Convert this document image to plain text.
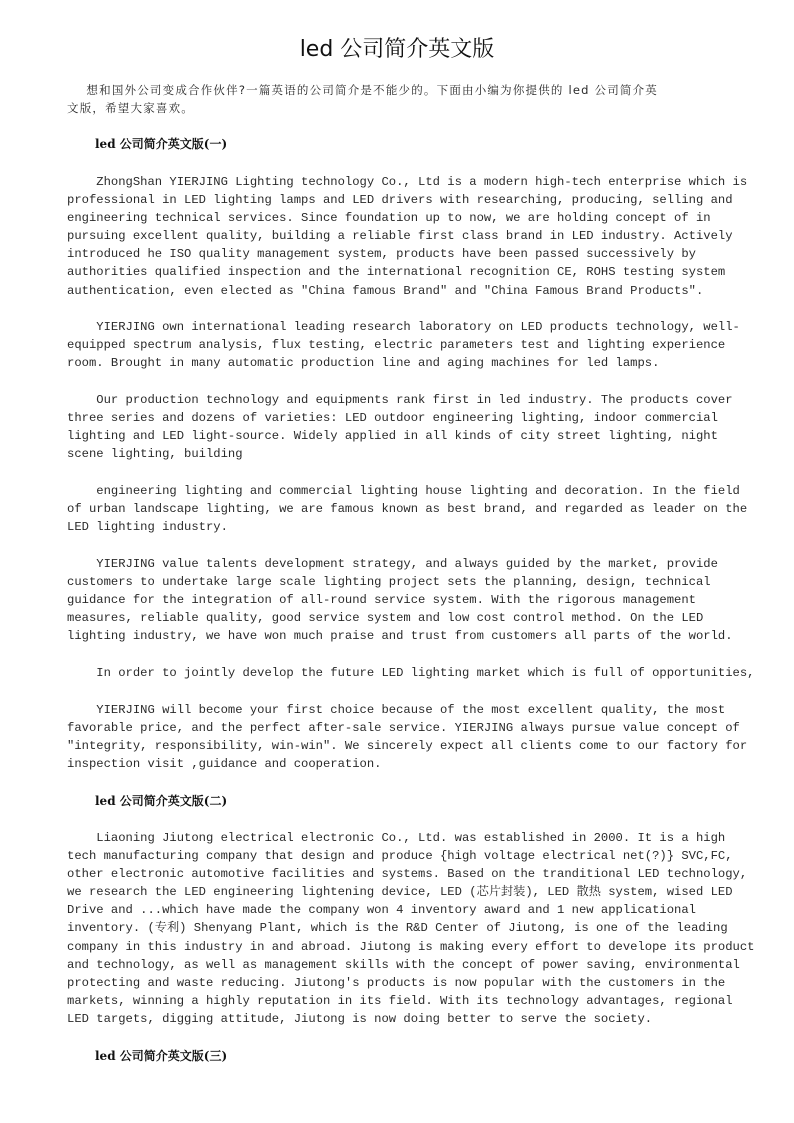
led 公司简介英文版
想和国外公司变成合作伙伴?一篇英语的公司简介是不能少的。下面由小编为你提供的 led 公司简介英
文版，希望大家喜欢。
led 公司简介英文版(一)
ZhongShan YIERJING Lighting technology Co., Ltd is a modern high-tech enterprise which is
professional in LED lighting lamps and LED drivers with researching, producing, selling and
engineering technical services. Since foundation up to now, we are holding concept of in
pursuing excellent quality, building a reliable first class brand in LED industry. Actively
introduced he ISO quality management system, products have been passed successively by
authorities qualified inspection and the international recognition CE, ROHS testing system
authentication, even elected as "China famous Brand" and "China Famous Brand Products".
YIERJING own international leading research laboratory on LED products technology, well-
equipped spectrum analysis, flux testing, electric parameters test and lighting experience
room. Brought in many automatic production line and aging machines for led lamps.
Our production technology and equipments rank first in led industry. The products cover
three series and dozens of varieties: LED outdoor engineering lighting, indoor commercial
lighting and LED light-source. Widely applied in all kinds of city street lighting, night
scene lighting, building
engineering lighting and commercial lighting house lighting and decoration. In the field
of urban landscape lighting, we are famous known as best brand, and regarded as leader on the
LED lighting industry.
YIERJING value talents development strategy, and always guided by the market, provide
customers to undertake large scale lighting project sets the planning, design, technical
guidance for the integration of all-round service system. With the rigorous management
measures, reliable quality, good service system and low cost control method. On the LED
lighting industry, we have won much praise and trust from customers all parts of the world.
In order to jointly develop the future LED lighting market which is full of opportunities,
YIERJING will become your first choice because of the most excellent quality, the most
favorable price, and the perfect after-sale service. YIERJING always pursue value concept of
"integrity, responsibility, win-win". We sincerely expect all clients come to our factory for
inspection visit ,guidance and cooperation.
Liaoning Jiutong electrical electronic Co., Ltd. was established in 2000. It is a high
tech manufacturing company that design and produce {high voltage electrical net(?)} SVC,FC,
other electronic automotive facilities and systems. Based on the tranditional LED technology,
we research the LED engineering lightening device, LED (芯片封装), LED 散热 system, wised LED
Drive and ...which have made the company won 4 inventory award and 1 new applicational
inventory. (专利) Shenyang Plant, which is the R&D Center of Jiutong, is one of the leading
company in this industry in and abroad. Jiutong is making every effort to develope its product
and technology, as well as management skills with the concept of power saving, environmental
protecting and waste reducing. Jiutong's products is now popular with the customers in the
markets, winning a highly reputation in its field. With its technology advantages, regional
LED targets, digging attitude, Jiutong is now doing better to serve the society.
led 公司简介英文版(二)
led 公司简介英文版(三)
